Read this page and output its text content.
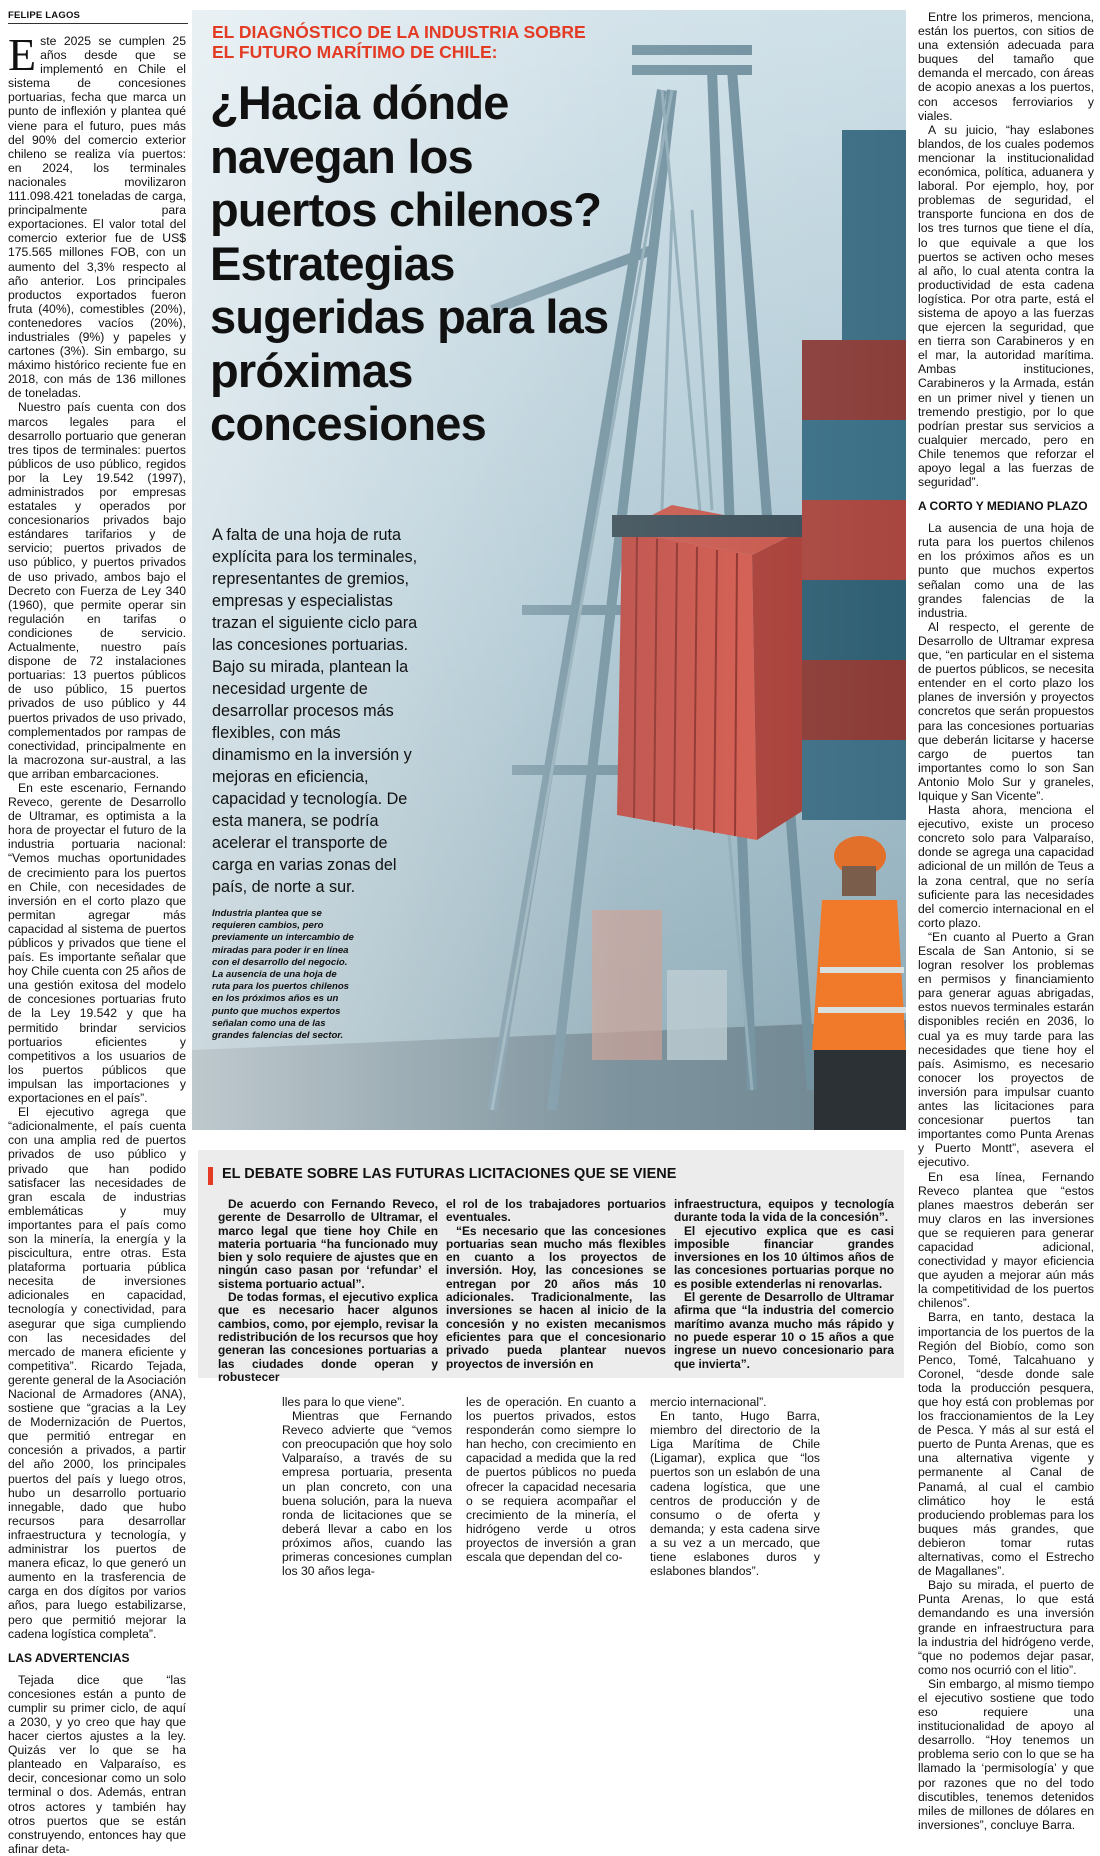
FELIPE LAGOS

Este 2025 se cumplen 25 años desde que se implementó en Chile el sistema de concesiones portuarias, fecha que marca un punto de inflexión y plantea qué viene para el futuro, pues más del 90% del comercio exterior chileno se realiza vía puertos: en 2024, los terminales nacionales movilizaron 111.098.421 toneladas de carga, principalmente para exportaciones. El valor total del comercio exterior fue de US$ 175.565 millones FOB, con un aumento del 3,3% respecto al año anterior. Los principales productos exportados fueron fruta (40%), comestibles (20%), contenedores vacíos (20%), industriales (9%) y papeles y cartones (3%). Sin embargo, su máximo histórico reciente fue en 2018, con más de 136 millones de toneladas.

Nuestro país cuenta con dos marcos legales para el desarrollo portuario que generan tres tipos de terminales: puertos públicos de uso público, regidos por la Ley 19.542 (1997), administrados por empresas estatales y operados por concesionarios privados bajo estándares tarifarios y de servicio; puertos privados de uso público, y puertos privados de uso privado, ambos bajo el Decreto con Fuerza de Ley 340 (1960), que permite operar sin regulación en tarifas o condiciones de servicio. Actualmente, nuestro país dispone de 72 instalaciones portuarias: 13 puertos públicos de uso público, 15 puertos privados de uso público y 44 puertos privados de uso privado, complementados por rampas de conectividad, principalmente en la macrozona sur-austral, a las que arriban embarcaciones.

En este escenario, Fernando Reveco, gerente de Desarrollo de Ultramar, es optimista a la hora de proyectar el futuro de la industria portuaria nacional: “Vemos muchas oportunidades de crecimiento para los puertos en Chile, con necesidades de inversión en el corto plazo que permitan agregar más capacidad al sistema de puertos públicos y privados que tiene el país. Es importante señalar que hoy Chile cuenta con 25 años de una gestión exitosa del modelo de concesiones portuarias fruto de la Ley 19.542 y que ha permitido brindar servicios portuarios eficientes y competitivos a los usuarios de los puertos públicos que impulsan las importaciones y exportaciones en el país”.

El ejecutivo agrega que “adicionalmente, el país cuenta con una amplia red de puertos privados de uso público y privado que han podido satisfacer las necesidades de gran escala de industrias emblemáticas y muy importantes para el país como son la minería, la energía y la piscicultura, entre otras. Esta plataforma portuaria pública necesita de inversiones adicionales en capacidad, tecnología y conectividad, para asegurar que siga cumpliendo con las necesidades del mercado de manera eficiente y competitiva”. Ricardo Tejada, gerente general de la Asociación Nacional de Armadores (ANA), sostiene que “gracias a la Ley de Modernización de Puertos, que permitió entregar en concesión a privados, a partir del año 2000, los principales puertos del país y luego otros, hubo un desarrollo portuario innegable, dado que hubo recursos para desarrollar infraestructura y tecnología, y administrar los puertos de manera eficaz, lo que generó un aumento en la trasferencia de carga en dos dígitos por varios años, para luego estabilizarse, pero que permitió mejorar la cadena logística completa”.

LAS ADVERTENCIAS

Tejada dice que “las concesiones están a punto de cumplir su primer ciclo, de aquí a 2030, y yo creo que hay que hacer ciertos ajustes a la ley. Quizás ver lo que se ha planteado en Valparaíso, es decir, concesionar como un solo terminal o dos. Además, entran otros actores y también hay otros puertos que se están construyendo, entonces hay que afinar deta-

EL DIAGNÓSTICO DE LA INDUSTRIA SOBRE EL FUTURO MARÍTIMO DE CHILE:
¿Hacia dónde navegan los puertos chilenos? Estrategias sugeridas para las próximas concesiones
A falta de una hoja de ruta explícita para los terminales, representantes de gremios, empresas y especialistas trazan el siguiente ciclo para las concesiones portuarias. Bajo su mirada, plantean la necesidad urgente de desarrollar procesos más flexibles, con más dinamismo en la inversión y mejoras en eficiencia, capacidad y tecnología. De esta manera, se podría acelerar el transporte de carga en varias zonas del país, de norte a sur.
Industria plantea que se requieren cambios, pero previamente un intercambio de miradas para poder ir en línea con el desarrollo del negocio. La ausencia de una hoja de ruta para los puertos chilenos en los próximos años es un punto que muchos expertos señalan como una de las grandes falencias del sector.

Entre los primeros, menciona, están los puertos, con sitios de una extensión adecuada para buques del tamaño que demanda el mercado, con áreas de acopio anexas a los puertos, con accesos ferroviarios y viales.

A su juicio, “hay eslabones blandos, de los cuales podemos mencionar la institucionalidad económica, política, aduanera y laboral. Por ejemplo, hoy, por problemas de seguridad, el transporte funciona en dos de los tres turnos que tiene el día, lo que equivale a que los puertos se activen ocho meses al año, lo cual atenta contra la productividad de esta cadena logística. Por otra parte, está el sistema de apoyo a las fuerzas que ejercen la seguridad, que en tierra son Carabineros y en el mar, la autoridad marítima. Ambas instituciones, Carabineros y la Armada, están en un primer nivel y tienen un tremendo prestigio, por lo que podrían prestar sus servicios a cualquier mercado, pero en Chile tenemos que reforzar el apoyo legal a las fuerzas de seguridad”.

A CORTO Y MEDIANO PLAZO

La ausencia de una hoja de ruta para los puertos chilenos en los próximos años es un punto que muchos expertos señalan como una de las grandes falencias de la industria.

Al respecto, el gerente de Desarrollo de Ultramar expresa que, “en particular en el sistema de puertos públicos, se necesita entender en el corto plazo los planes de inversión y proyectos concretos que serán propuestos para las concesiones portuarias que deberán licitarse y hacerse cargo de puertos tan importantes como lo son San Antonio Molo Sur y graneles, Iquique y San Vicente”.

Hasta ahora, menciona el ejecutivo, existe un proceso concreto solo para Valparaíso, donde se agrega una capacidad adicional de un millón de Teus a la zona central, que no sería suficiente para las necesidades del comercio internacional en el corto plazo.

“En cuanto al Puerto a Gran Escala de San Antonio, si se logran resolver los problemas en permisos y financiamiento para generar aguas abrigadas, estos nuevos terminales estarán disponibles recién en 2036, lo cual ya es muy tarde para las necesidades que tiene hoy el país. Asimismo, es necesario conocer los proyectos de inversión para impulsar cuanto antes las licitaciones para concesionar puertos tan importantes como Punta Arenas y Puerto Montt”, asevera el ejecutivo.

En esa línea, Fernando Reveco plantea que “estos planes maestros deberán ser muy claros en las inversiones que se requieren para generar capacidad adicional, conectividad y mayor eficiencia que ayuden a mejorar aún más la competitividad de los puertos chilenos”.

Barra, en tanto, destaca la importancia de los puertos de la Región del Biobío, como son Penco, Tomé, Talcahuano y Coronel, “desde donde sale toda la producción pesquera, que hoy está con problemas por los fraccionamientos de la Ley de Pesca. Y más al sur está el puerto de Punta Arenas, que es una alternativa vigente y permanente al Canal de Panamá, al cual el cambio climático hoy le está produciendo problemas para los buques más grandes, que debieron tomar rutas alternativas, como el Estrecho de Magallanes”.

Bajo su mirada, el puerto de Punta Arenas, lo que está demandando es una inversión grande en infraestructura para la industria del hidrógeno verde, “que no podemos dejar pasar, como nos ocurrió con el litio”.

Sin embargo, al mismo tiempo el ejecutivo sostiene que todo eso requiere una institucionalidad de apoyo al desarrollo. “Hoy tenemos un problema serio con lo que se ha llamado la ‘permisología’ y que por razones que no del todo discutibles, tenemos detenidos miles de millones de dólares en inversiones”, concluye Barra.

EL DEBATE SOBRE LAS FUTURAS LICITACIONES QUE SE VIENE

De acuerdo con Fernando Reveco, gerente de Desarrollo de Ultramar, el marco legal que tiene hoy Chile en materia portuaria “ha funcionado muy bien y solo requiere de ajustes que en ningún caso pasan por ‘refundar’ el sistema portuario actual”.

De todas formas, el ejecutivo explica que es necesario hacer algunos cambios, como, por ejemplo, revisar la redistribución de los recursos que hoy generan las concesiones portuarias a las ciudades donde operan y robustecer

el rol de los trabajadores portuarios eventuales.

“Es necesario que las concesiones portuarias sean mucho más flexibles en cuanto a los proyectos de inversión. Hoy, las concesiones se entregan por 20 años más 10 adicionales. Tradicionalmente, las inversiones se hacen al inicio de la concesión y no existen mecanismos eficientes para que el concesionario privado pueda plantear nuevos proyectos de inversión en

infraestructura, equipos y tecnología durante toda la vida de la concesión”.

El ejecutivo explica que es casi imposible financiar grandes inversiones en los 10 últimos años de las concesiones portuarias porque no es posible extenderlas ni renovarlas.

El gerente de Desarrollo de Ultramar afirma que “la industria del comercio marítimo avanza mucho más rápido y no puede esperar 10 o 15 años a que ingrese un nuevo concesionario para que invierta”.

lles para lo que viene”.

Mientras que Fernando Reveco advierte que “vemos con preocupación que hoy solo Valparaíso, a través de su empresa portuaria, presenta un plan concreto, con una buena solución, para la nueva ronda de licitaciones que se deberá llevar a cabo en los próximos años, cuando las primeras concesiones cumplan los 30 años lega-

les de operación. En cuanto a los puertos privados, estos responderán como siempre lo han hecho, con crecimiento en capacidad a medida que la red de puertos públicos no pueda ofrecer la capacidad necesaria o se requiera acompañar el crecimiento de la minería, el hidrógeno verde u otros proyectos de inversión a gran escala que dependan del co-

mercio internacional”.

En tanto, Hugo Barra, miembro del directorio de la Liga Marítima de Chile (Ligamar), explica que “los puertos son un eslabón de una cadena logística, que une centros de producción y de consumo o de oferta y demanda; y esta cadena sirve a su vez a un mercado, que tiene eslabones duros y eslabones blandos”.
